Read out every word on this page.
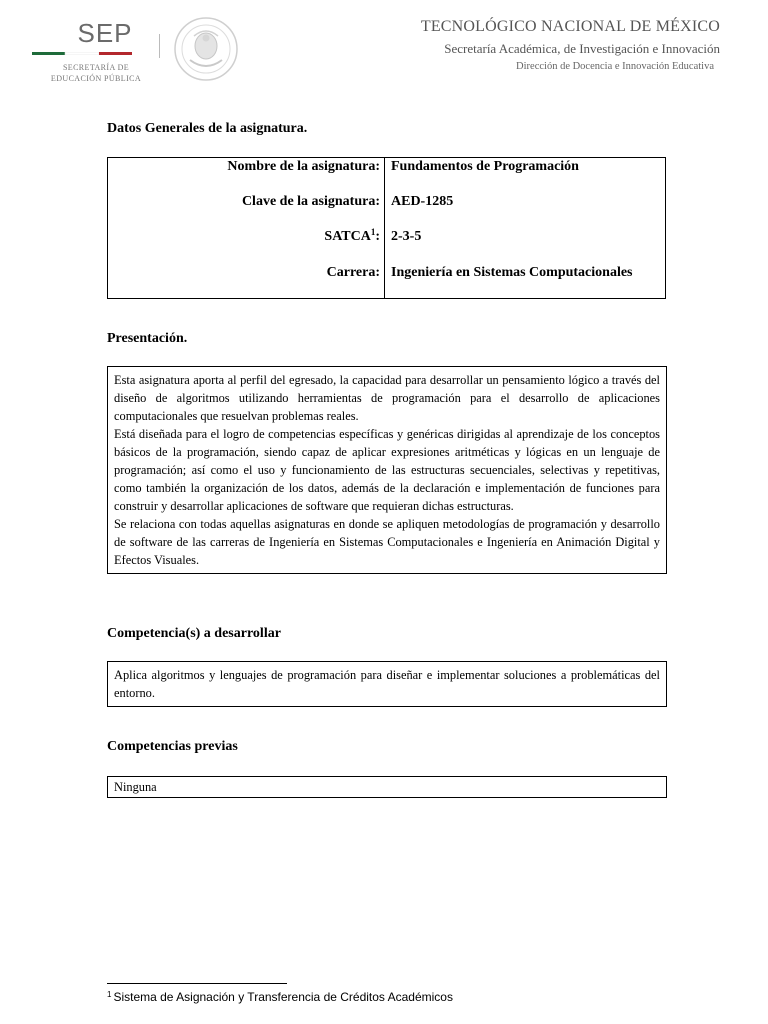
SEP
SECRETARÍA DE
EDUCACIÓN PÚBLICA
TECNOLÓGICO NACIONAL DE MÉXICO
Secretaría Académica, de Investigación e Innovación
Dirección de Docencia e Innovación Educativa
Datos Generales de la asignatura.
Nombre de la asignatura: Fundamentos de Programación
Clave de la asignatura: AED-1285
SATCA$^1$: 2-3-5
Carrera: Ingeniería en Sistemas Computacionales
Presentación.

Esta asignatura aporta al perfil del egresado, la capacidad para desarrollar un pensamiento lógico a través del diseño de algoritmos utilizando herramientas de programación para el desarrollo de aplicaciones computacionales que resuelvan problemas reales.

Está diseñada para el logro de competencias específicas y genéricas dirigidas al aprendizaje de los conceptos básicos de la programación, siendo capaz de aplicar expresiones aritméticas y lógicas en un lenguaje de programación; así como el uso y funcionamiento de las estructuras secuenciales, selectivas y repetitivas, como también la organización de los datos, además de la declaración e implementación de funciones para construir y desarrollar aplicaciones de software que requieran dichas estructuras.

Se relaciona con todas aquellas asignaturas en donde se apliquen metodologías de programación y desarrollo de software de las carreras de Ingeniería en Sistemas Computacionales e Ingeniería en Animación Digital y Efectos Visuales.

Competencia(s) a desarrollar

Aplica algoritmos y lenguajes de programación para diseñar e implementar soluciones a problemáticas del entorno.

Competencias previas

Ninguna

$^1$ Sistema de Asignación y Transferencia de Créditos Académicos
